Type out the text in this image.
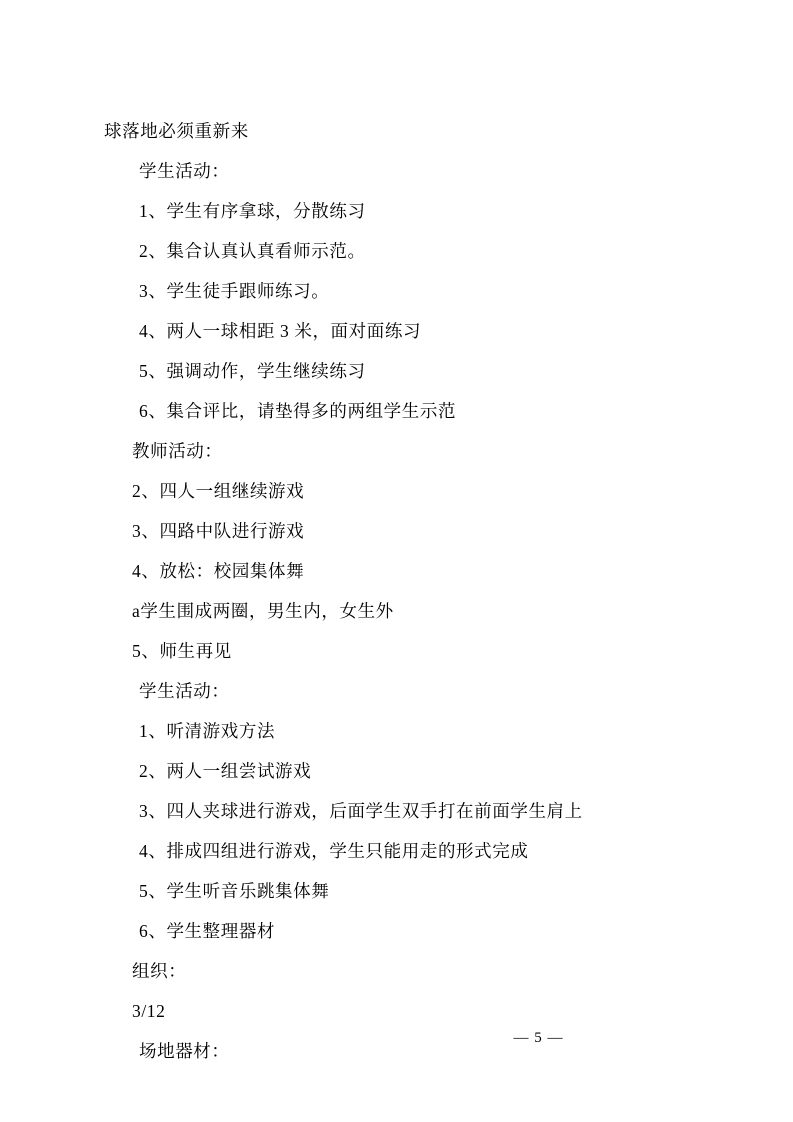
球落地必须重新来
学生活动：
1、学生有序拿球，分散练习
2、集合认真认真看师示范。
3、学生徒手跟师练习。
4、两人一球相距 3 米，面对面练习
5、强调动作，学生继续练习
6、集合评比，请垫得多的两组学生示范
教师活动：
2、四人一组继续游戏
3、四路中队进行游戏
4、放松：校园集体舞
a学生围成两圈，男生内，女生外
5、师生再见
学生活动：
1、听清游戏方法
2、两人一组尝试游戏
3、四人夹球进行游戏，后面学生双手打在前面学生肩上
4、排成四组进行游戏，学生只能用走的形式完成
5、学生听音乐跳集体舞
6、学生整理器材
组织：
3/12
场地器材：
— 5 —
